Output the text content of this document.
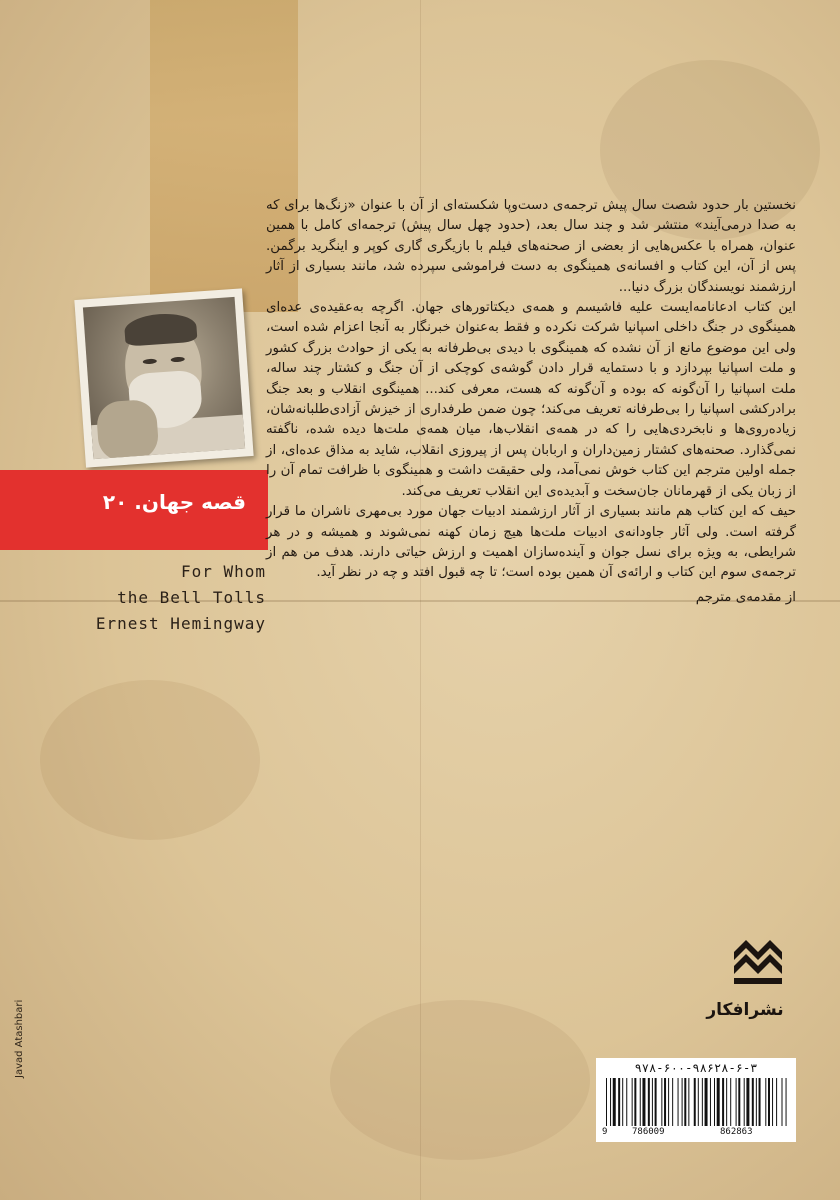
قصه جهان. ۲۰
For Whom
the Bell Tolls
Ernest Hemingway

نخستین بار حدود شصت سال پیش ترجمه‌ی دست‌وپا شکسته‌ای از آن با عنوان «زنگ‌ها برای که به صدا درمی‌آیند» منتشر شد و چند سال بعد، (حدود چهل سال پیش) ترجمه‌ای کامل با همین عنوان، همراه با عکس‌هایی از بعضی از صحنه‌های فیلم با بازیگری گاری کوپر و اینگرید برگمن. پس از آن، این کتاب و افسانه‌ی همینگوی به دست فراموشی سپرده شد، مانند بسیاری از آثار ارزشمند نویسندگان بزرگ دنیا...

این کتاب ادعانامه‌ایست علیه فاشیسم و همه‌ی دیکتاتورهای جهان. اگرچه به‌عقیده‌ی عده‌ای همینگوی در جنگ داخلی اسپانیا شرکت نکرده و فقط به‌عنوان خبرنگار به آنجا اعزام شده است، ولی این موضوع مانع از آن نشده که همینگوی با دیدی بی‌طرفانه به یکی از حوادث بزرگ کشور و ملت اسپانیا بپردازد و با دستمایه قرار دادن گوشه‌ی کوچکی از آن جنگ و کشتار چند ساله، ملت اسپانیا را آن‌گونه که بوده و آن‌گونه که هست، معرفی کند... همینگوی انقلاب و بعد جنگ برادرکشی اسپانیا را بی‌طرفانه تعریف می‌کند؛ چون ضمن طرفداری از خیزش آزادی‌طلبانه‌شان، زیاده‌روی‌ها و نابخردی‌هایی را که در همه‌ی انقلاب‌ها، میان همه‌ی ملت‌ها دیده شده، ناگفته نمی‌گذارد. صحنه‌های کشتار زمین‌داران و اربابان پس از پیروزی انقلاب، شاید به مذاق عده‌ای، از جمله اولین مترجم این کتاب خوش نمی‌آمد، ولی حقیقت داشت و همینگوی با ظرافت تمام آن را از زبان یکی از قهرمانان جان‌سخت و آبدیده‌ی این انقلاب تعریف می‌کند.

حیف که این کتاب هم مانند بسیاری از آثار ارزشمند ادبیات جهان مورد بی‌مهری ناشران ما قرار گرفته است. ولی آثار جاودانه‌ی ادبیات ملت‌ها هیچ زمان کهنه نمی‌شوند و همیشه و در هر شرایطی، به ویژه برای نسل جوان و آینده‌سازان اهمیت و ارزش حیاتی دارند. هدف من هم از ترجمه‌ی سوم این کتاب و ارائه‌ی آن همین بوده است؛ تا چه قبول افتد و چه در نظر آید.

از مقدمه‌ی مترجم

نشرافکار
۹۷۸-۶۰۰-۹۸۶۲۸-۶-۳
9	786009	862863
Javad Atashbari
